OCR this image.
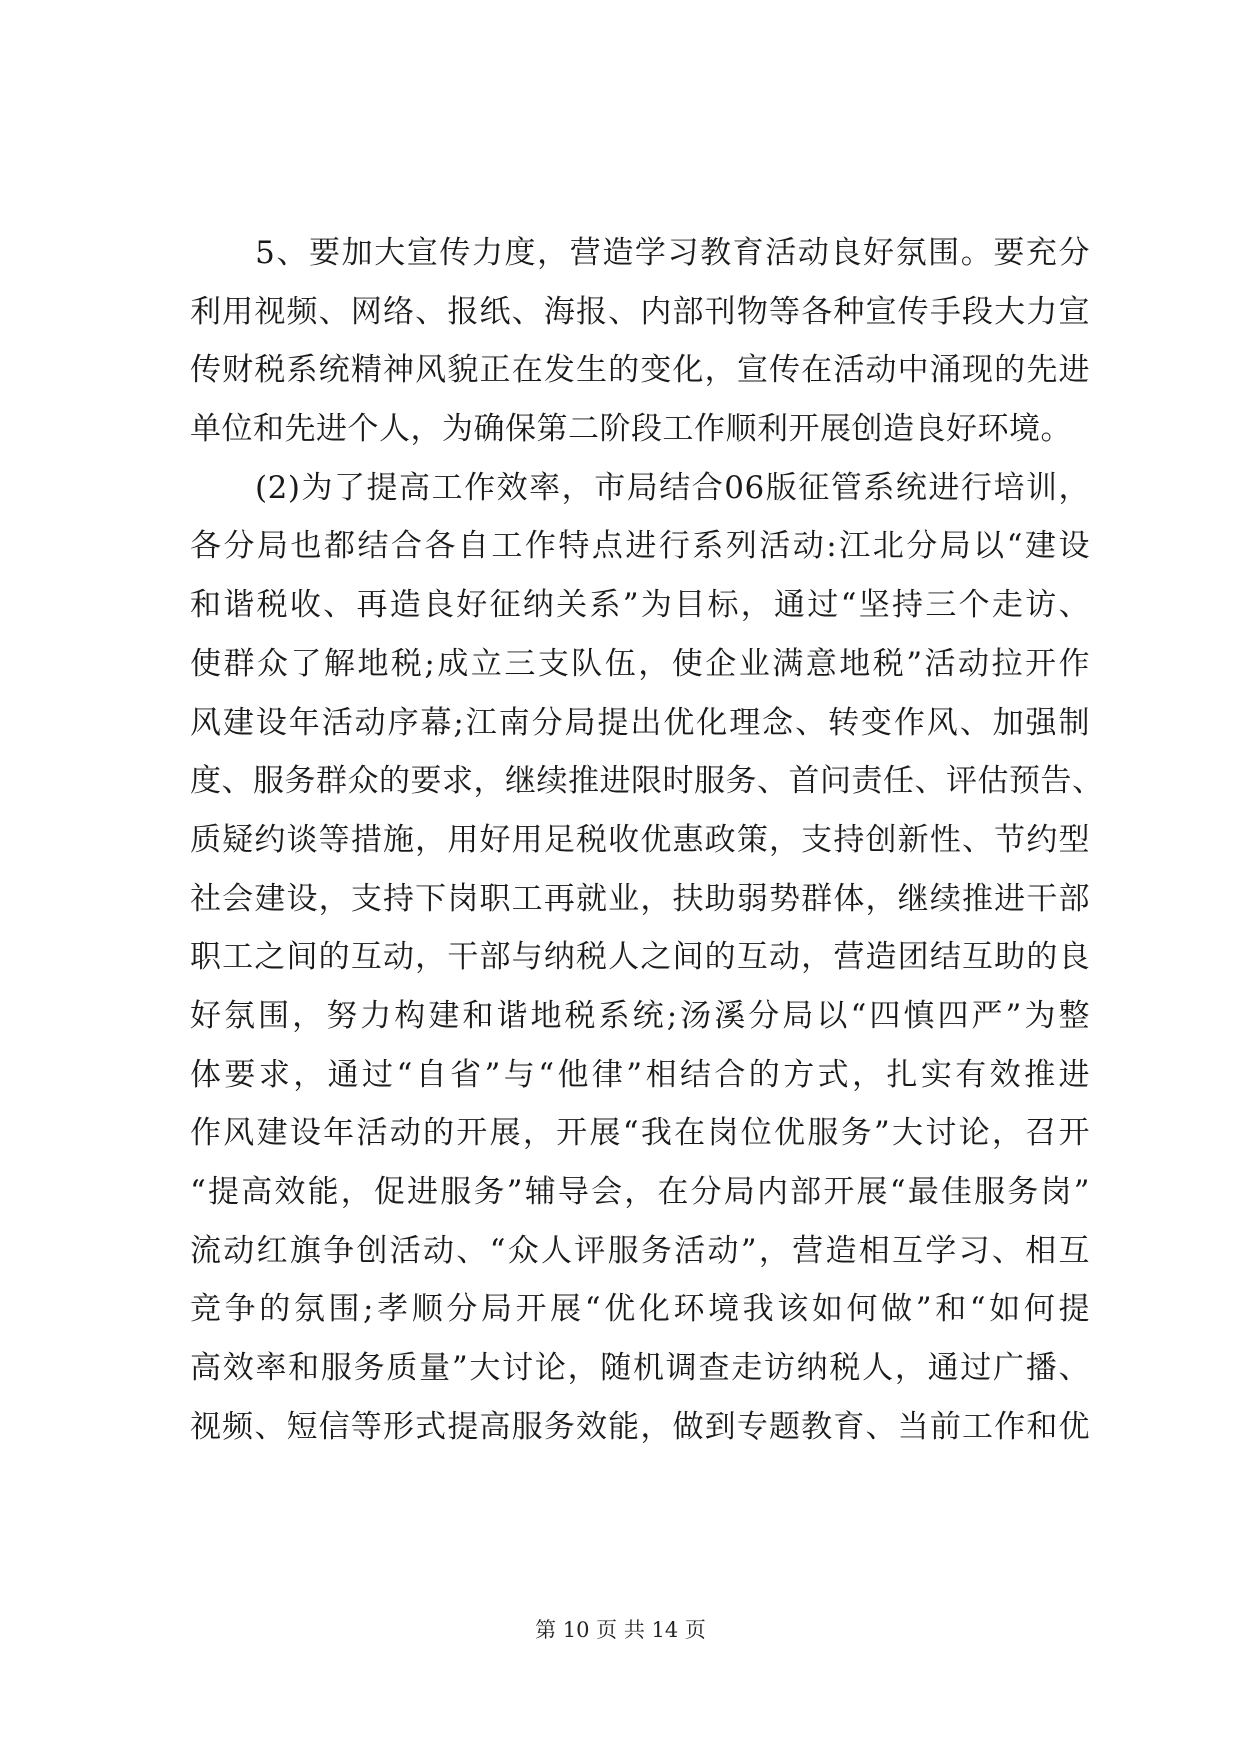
　　5、要加大宣传力度，营造学习教育活动良好氛围。要充分
利用视频、网络、报纸、海报、内部刊物等各种宣传手段大力宣
传财税系统精神风貌正在发生的变化，宣传在活动中涌现的先进
单位和先进个人，为确保第二阶段工作顺利开展创造良好环境。
　　(2)为了提高工作效率，市局结合06版征管系统进行培训，
各分局也都结合各自工作特点进行系列活动:江北分局以“建设
和谐税收、再造良好征纳关系”为目标，通过“坚持三个走访、
使群众了解地税;成立三支队伍，使企业满意地税”活动拉开作
风建设年活动序幕;江南分局提出优化理念、转变作风、加强制
度、服务群众的要求，继续推进限时服务、首问责任、评估预告、
质疑约谈等措施，用好用足税收优惠政策，支持创新性、节约型
社会建设，支持下岗职工再就业，扶助弱势群体，继续推进干部
职工之间的互动，干部与纳税人之间的互动，营造团结互助的良
好氛围，努力构建和谐地税系统;汤溪分局以“四慎四严”为整
体要求，通过“自省”与“他律”相结合的方式，扎实有效推进
作风建设年活动的开展，开展“我在岗位优服务”大讨论，召开
“提高效能，促进服务”辅导会，在分局内部开展“最佳服务岗”
流动红旗争创活动、“众人评服务活动”，营造相互学习、相互
竞争的氛围;孝顺分局开展“优化环境我该如何做”和“如何提
高效率和服务质量”大讨论，随机调查走访纳税人，通过广播、
视频、短信等形式提高服务效能，做到专题教育、当前工作和优
第 10 页 共 14 页
